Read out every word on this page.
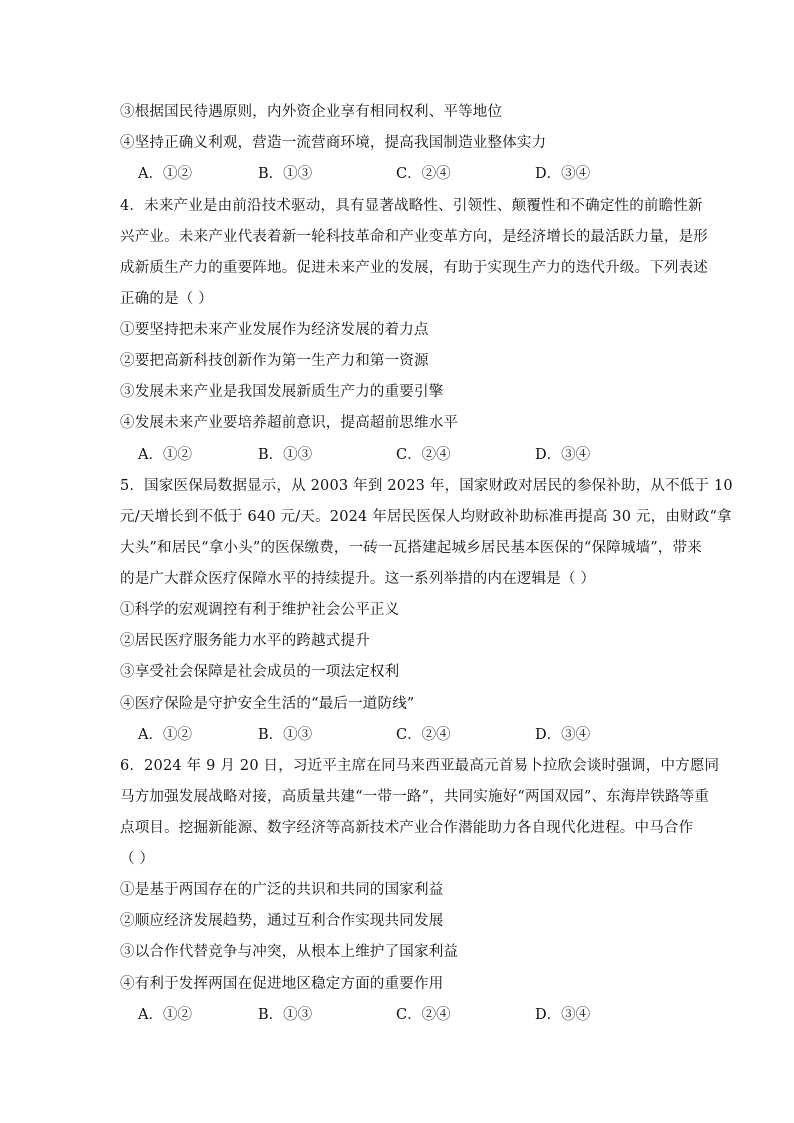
③根据国民待遇原则，内外资企业享有相同权利、平等地位
④坚持正确义利观，营造一流营商环境，提高我国制造业整体实力
A．①②	B．①③	C．②④	D．③④
4．未来产业是由前沿技术驱动，具有显著战略性、引领性、颠覆性和不确定性的前瞻性新
兴产业。未来产业代表着新一轮科技革命和产业变革方向，是经济增长的最活跃力量，是形
成新质生产力的重要阵地。促进未来产业的发展，有助于实现生产力的迭代升级。下列表述
正确的是（ ）
①要坚持把未来产业发展作为经济发展的着力点
②要把高新科技创新作为第一生产力和第一资源
③发展未来产业是我国发展新质生产力的重要引擎
④发展未来产业要培养超前意识，提高超前思维水平
A．①②	B．①③	C．②④	D．③④
5．国家医保局数据显示，从 2003 年到 2023 年，国家财政对居民的参保补助，从不低于 10
元/天增长到不低于 640 元/天。2024 年居民医保人均财政补助标准再提高 30 元，由财政“拿
大头”和居民“拿小头”的医保缴费，一砖一瓦搭建起城乡居民基本医保的“保障城墙”，带来
的是广大群众医疗保障水平的持续提升。这一系列举措的内在逻辑是（ ）
①科学的宏观调控有利于维护社会公平正义
②居民医疗服务能力水平的跨越式提升
③享受社会保障是社会成员的一项法定权利
④医疗保险是守护安全生活的“最后一道防线”
A．①②	B．①③	C．②④	D．③④
6．2024 年 9 月 20 日，习近平主席在同马来西亚最高元首易卜拉欣会谈时强调，中方愿同
马方加强发展战略对接，高质量共建“一带一路”，共同实施好“两国双园”、东海岸铁路等重
点项目。挖掘新能源、数字经济等高新技术产业合作潜能助力各自现代化进程。中马合作
（ ）
①是基于两国存在的广泛的共识和共同的国家利益
②顺应经济发展趋势，通过互利合作实现共同发展
③以合作代替竞争与冲突，从根本上维护了国家利益
④有利于发挥两国在促进地区稳定方面的重要作用
A．①②	B．①③	C．②④	D．③④
